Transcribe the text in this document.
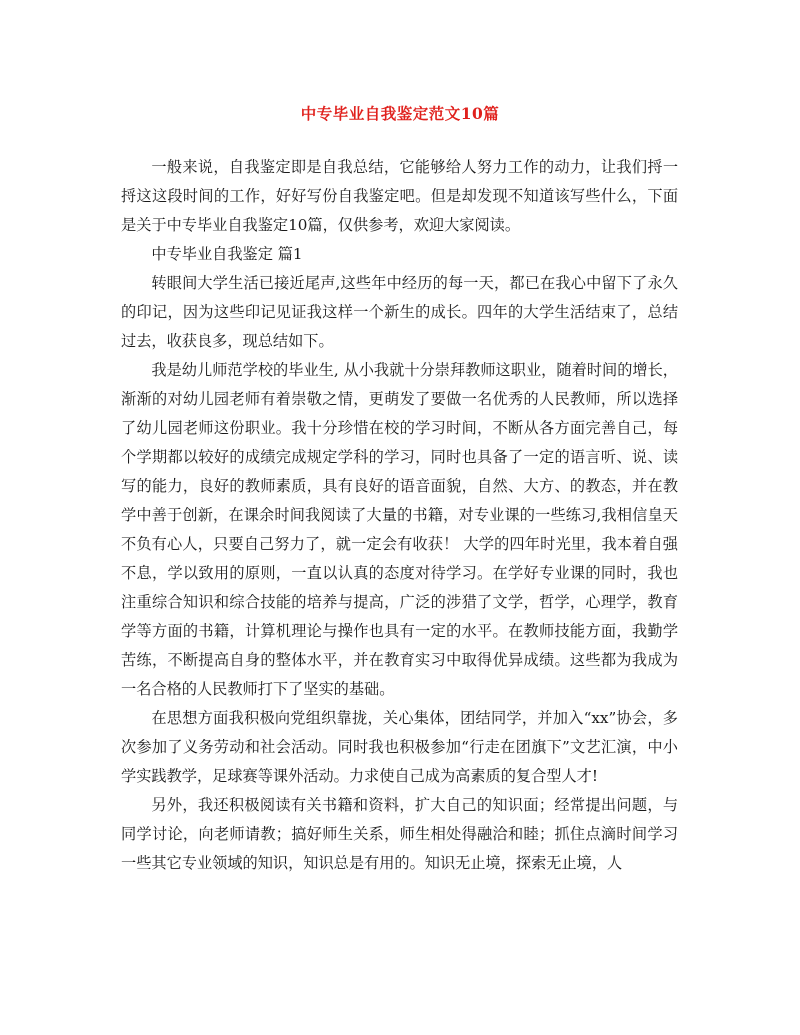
中专毕业自我鉴定范文10篇

一般来说，自我鉴定即是自我总结，它能够给人努力工作的动力，让我们捋一捋这这段时间的工作，好好写份自我鉴定吧。但是却发现不知道该写些什么，下面是关于中专毕业自我鉴定10篇，仅供参考，欢迎大家阅读。

中专毕业自我鉴定 篇1

转眼间大学生活已接近尾声,这些年中经历的每一天，都已在我心中留下了永久的印记，因为这些印记见证我这样一个新生的成长。四年的大学生活结束了，总结过去，收获良多，现总结如下。

我是幼儿师范学校的毕业生, 从小我就十分崇拜教师这职业，随着时间的增长，渐渐的对幼儿园老师有着崇敬之情，更萌发了要做一名优秀的人民教师，所以选择了幼儿园老师这份职业。我十分珍惜在校的学习时间，不断从各方面完善自己，每个学期都以较好的成绩完成规定学科的学习，同时也具备了一定的语言听、说、读写的能力，良好的教师素质，具有良好的语音面貌，自然、大方、的教态，并在教学中善于创新，在课余时间我阅读了大量的书籍，对专业课的一些练习,我相信皇天不负有心人，只要自己努力了，就一定会有收获！ 大学的四年时光里，我本着自强不息，学以致用的原则，一直以认真的态度对待学习。在学好专业课的同时，我也注重综合知识和综合技能的培养与提高，广泛的涉猎了文学，哲学，心理学，教育学等方面的书籍，计算机理论与操作也具有一定的水平。在教师技能方面，我勤学苦练，不断提高自身的整体水平，并在教育实习中取得优异成绩。这些都为我成为一名合格的人民教师打下了坚实的基础。

在思想方面我积极向党组织靠拢，关心集体，团结同学，并加入“xx”协会，多次参加了义务劳动和社会活动。同时我也积极参加“行走在团旗下”文艺汇演，中小学实践教学，足球赛等课外活动。力求使自己成为高素质的复合型人才!

另外，我还积极阅读有关书籍和资料，扩大自己的知识面；经常提出问题，与同学讨论，向老师请教；搞好师生关系，师生相处得融洽和睦；抓住点滴时间学习一些其它专业领域的知识，知识总是有用的。知识无止境，探索无止境，人
